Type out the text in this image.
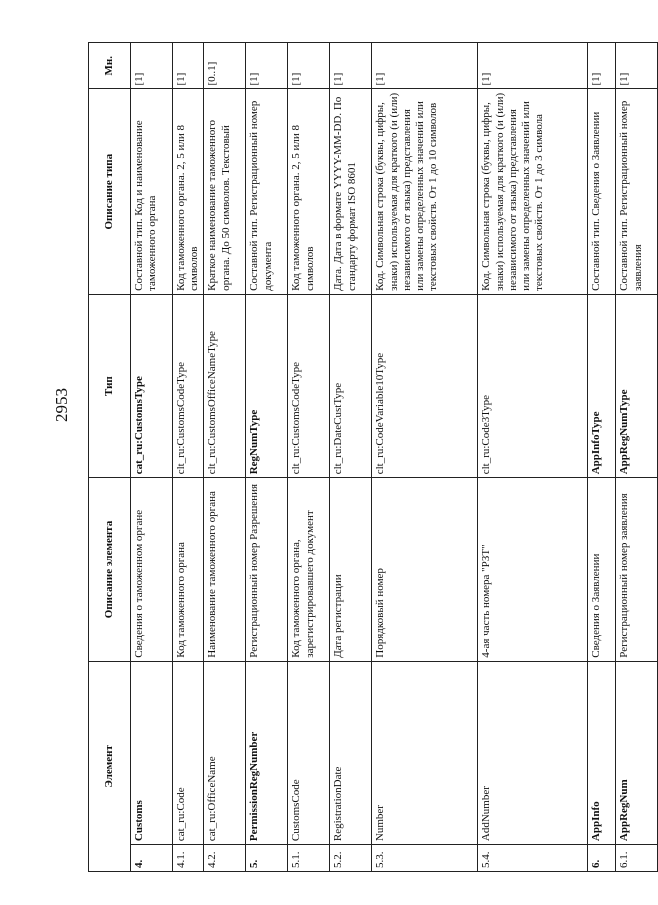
2953
Элемент		Описание элемента	Тип	Описание типа	Мн.
4.	Customs	Сведения о таможенном органе	cat_ru:CustomsType	Составной тип. Код и наименование таможенного органа	[1]
4.1.	cat_ru:Code	Код таможенного органа	clt_ru:CustomsCodeType	Код таможенного органа. 2, 5 или 8 символов	[1]
4.2.	cat_ru:OfficeName	Наименование таможенного органа	clt_ru:CustomsOfficeNameType	Краткое наименование таможенного органа. До 50 символов. Текстовый	[0..1]
5.	PermissionRegNumber	Регистрационный номер Разрешения	RegNumType	Составной тип. Регистрационный номер документа	[1]
5.1.	CustomsCode	Код таможенного органа, зарегистрировавшего документ	clt_ru:CustomsCodeType	Код таможенного органа. 2, 5 или 8 символов	[1]
5.2.	RegistrationDate	Дата регистрации	clt_ru:DateCustType	Дата. Дата в формате YYYY-MM-DD. По стандарту формат ISO 8601	[1]
5.3.	Number	Порядковый номер	clt_ru:CodeVariable10Type	Код. Символьная строка (буквы, цифры, знаки) используемая для краткого (и (или) независимого от языка) представления или замены определенных значений или текстовых свойств. От 1 до 10 символов	[1]
5.4.	AddNumber	4-ая часть номера "РЗТ"	clt_ru:Code3Type	Код. Символьная строка (буквы, цифры, знаки) используемая для краткого (и (или) независимого от языка) представления или замены определенных значений или текстовых свойств. От 1 до 3 символа	[1]
6.	AppInfo	Сведения о Заявлении	AppInfoType	Составной тип. Сведения о Заявлении	[1]
6.1.	AppRegNum	Регистрационный номер заявления	AppRegNumType	Составной тип. Регистрационный номер заявления	[1]
